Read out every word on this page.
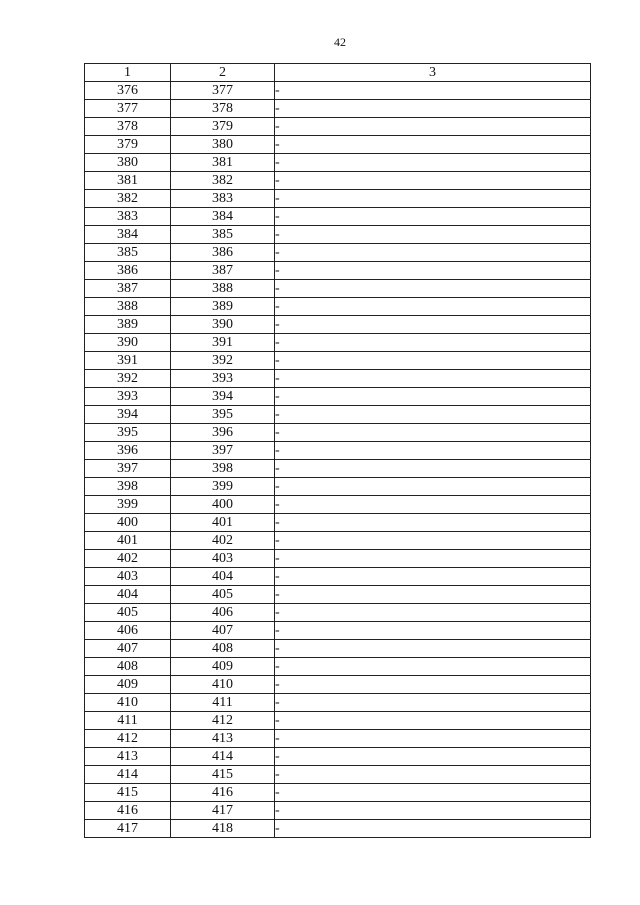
42
1	2	3
376	377	-
377	378	-
378	379	-
379	380	-
380	381	-
381	382	-
382	383	-
383	384	-
384	385	-
385	386	-
386	387	-
387	388	-
388	389	-
389	390	-
390	391	-
391	392	-
392	393	-
393	394	-
394	395	-
395	396	-
396	397	-
397	398	-
398	399	-
399	400	-
400	401	-
401	402	-
402	403	-
403	404	-
404	405	-
405	406	-
406	407	-
407	408	-
408	409	-
409	410	-
410	411	-
411	412	-
412	413	-
413	414	-
414	415	-
415	416	-
416	417	-
417	418	-
